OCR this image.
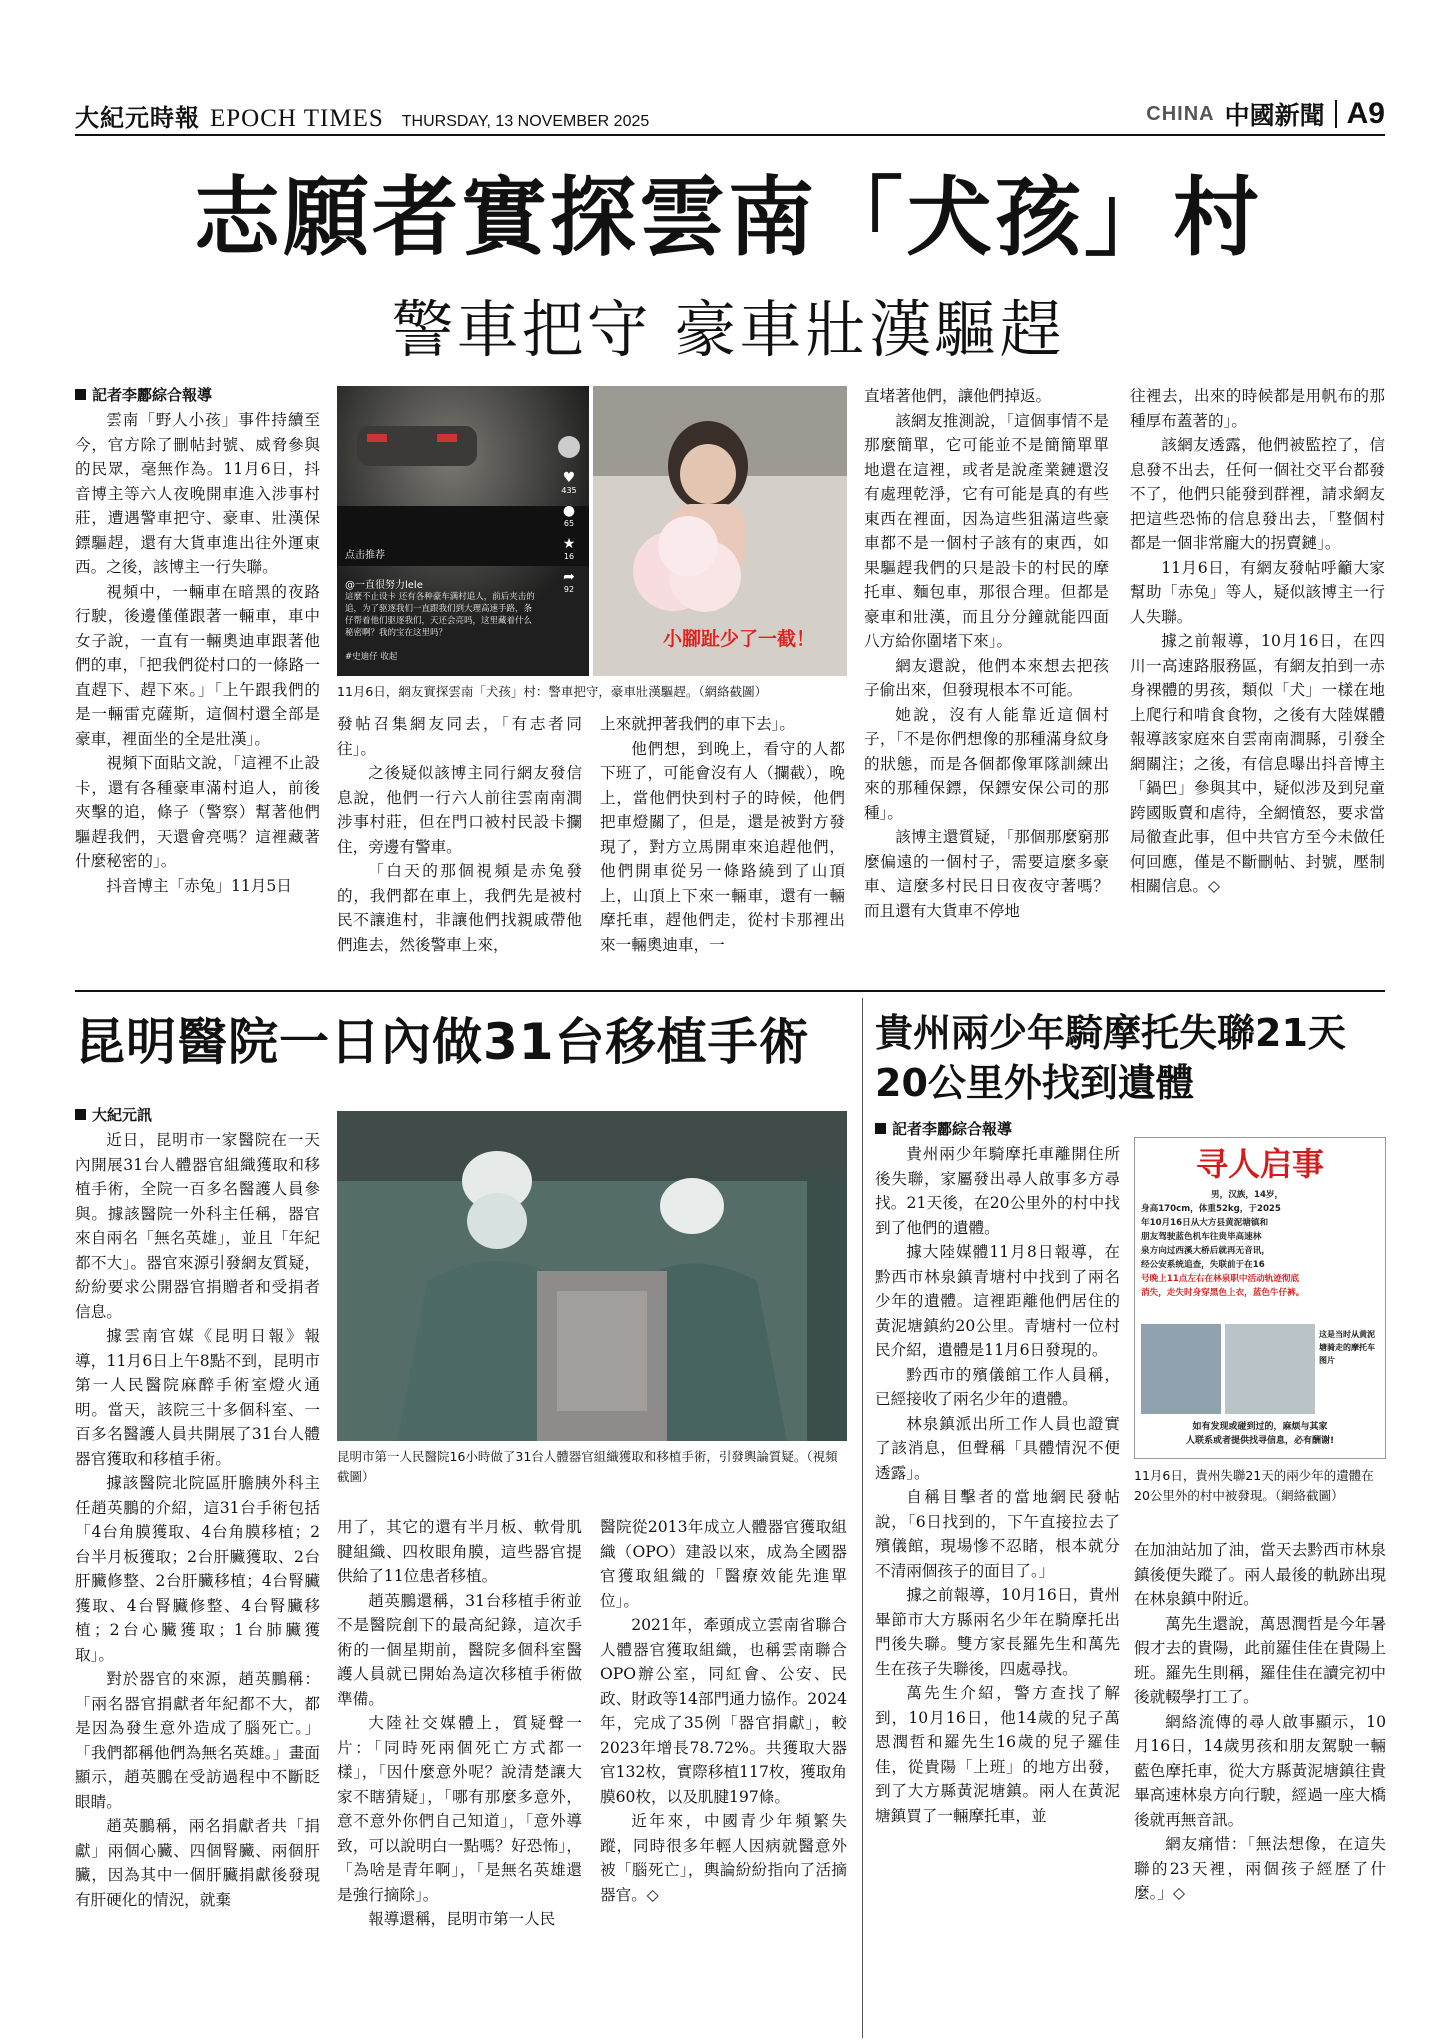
大紀元時報 EPOCH TIMES THURSDAY, 13 NOVEMBER 2025	CHINA 中國新聞 A9
志願者實探雲南「犬孩」村
警車把守 豪車壯漢驅趕
記者李酈綜合報導

雲南「野人小孩」事件持續至今，官方除了刪帖封號、威脅參與的民眾，毫無作為。11月6日，抖音博主等六人夜晚開車進入涉事村莊，遭遇警車把守、豪車、壯漢保鏢驅趕，還有大貨車進出往外運東西。之後，該博主一行失聯。

視頻中，一輛車在暗黑的夜路行駛，後邊僅僅跟著一輛車，車中女子說，一直有一輛奧迪車跟著他們的車，「把我們從村口的一條路一直趕下、趕下來。」「上午跟我們的是一輛雷克薩斯，這個村還全部是豪車，裡面坐的全是壯漢」。

視頻下面貼文說，「這裡不止設卡，還有各種豪車滿村追人，前後夾擊的追，條子（警察）幫著他們驅趕我們，天還會亮嗎？這裡藏著什麼秘密的」。

抖音博主「赤兔」11月5日

点击推荐
@一直很努力lele
這麼不止设卡 还有各种豪车满村追人，前后夹击的追，为了驱逐我们一直跟我们到大理高速手路，条仔帮着他们驱逐我们，天还会亮吗，这里藏着什么秘密啊？我的宝在这里吗？
#史迪仔 收起
♥
435
●
65
★
16
➦
92
小腳趾少了一截！
11月6日，網友實探雲南「犬孩」村：警車把守，豪車壯漢驅趕。（網絡截圖）

發帖召集網友同去，「有志者同往」。

之後疑似該博主同行網友發信息說，他們一行六人前往雲南南澗涉事村莊，但在門口被村民設卡攔住，旁邊有警車。

「白天的那個視頻是赤兔發的，我們都在車上，我們先是被村民不讓進村，非讓他們找親戚帶他們進去，然後警車上來，

上來就押著我們的車下去」。

他們想，到晚上，看守的人都下班了，可能會沒有人（攔截），晚上，當他們快到村子的時候，他們把車燈關了，但是，還是被對方發現了，對方立馬開車來追趕他們，他們開車從另一條路繞到了山頂上，山頂上下來一輛車，還有一輛摩托車，趕他們走，從村卡那裡出來一輛奧迪車，一

直堵著他們，讓他們掉返。

該網友推測說，「這個事情不是那麼簡單，它可能並不是簡簡單單地還在這裡，或者是說產業鏈還沒有處理乾淨，它有可能是真的有些東西在裡面，因為這些狙滿這些豪車都不是一個村子該有的東西，如果驅趕我們的只是設卡的村民的摩托車、麵包車，那很合理。但都是豪車和壯漢，而且分分鐘就能四面八方給你圍堵下來」。

網友還說，他們本來想去把孩子偷出來，但發現根本不可能。

她說，沒有人能靠近這個村子，「不是你們想像的那種滿身紋身的狀態，而是各個都像軍隊訓練出來的那種保鏢，保鏢安保公司的那種」。

該博主還質疑，「那個那麼窮那麼偏遠的一個村子，需要這麼多豪車、這麼多村民日日夜夜守著嗎？而且還有大貨車不停地

往裡去，出來的時候都是用帆布的那種厚布蓋著的」。

該網友透露，他們被監控了，信息發不出去，任何一個社交平台都發不了，他們只能發到群裡，請求網友把這些恐怖的信息發出去，「整個村都是一個非常龐大的拐賣鏈」。

11月6日，有網友發帖呼籲大家幫助「赤兔」等人，疑似該博主一行人失聯。

據之前報導，10月16日，在四川一高速路服務區，有網友拍到一赤身裸體的男孩，類似「犬」一樣在地上爬行和啃食食物，之後有大陸媒體報導該家庭來自雲南南澗縣，引發全網關注；之後，有信息曝出抖音博主「鍋巴」參與其中，疑似涉及到兒童跨國販賣和虐待，全網憤怒，要求當局徹查此事，但中共官方至今未做任何回應，僅是不斷刪帖、封號，壓制相關信息。◇

昆明醫院一日內做31台移植手術
大紀元訊

近日，昆明市一家醫院在一天內開展31台人體器官組織獲取和移植手術，全院一百多名醫護人員參與。據該醫院一外科主任稱，器官來自兩名「無名英雄」，並且「年紀都不大」。器官來源引發網友質疑，紛紛要求公開器官捐贈者和受捐者信息。

據雲南官媒《昆明日報》報導，11月6日上午8點不到，昆明市第一人民醫院麻醉手術室燈火通明。當天，該院三十多個科室、一百多名醫護人員共開展了31台人體器官獲取和移植手術。

據該醫院北院區肝膽胰外科主任趙英鵬的介紹，這31台手術包括「4台角膜獲取、4台角膜移植；2台半月板獲取；2台肝臟獲取、2台肝臟修整、2台肝臟移植；4台腎臟獲取、4台腎臟修整、4台腎臟移植；2台心臟獲取；1台肺臟獲取」。

對於器官的來源，趙英鵬稱：「兩名器官捐獻者年紀都不大，都是因為發生意外造成了腦死亡。」「我們都稱他們為無名英雄。」畫面顯示，趙英鵬在受訪過程中不斷眨眼睛。

趙英鵬稱，兩名捐獻者共「捐獻」兩個心臟、四個腎臟、兩個肝臟，因為其中一個肝臟捐獻後發現有肝硬化的情況，就棄

昆明市第一人民醫院16小時做了31台人體器官組織獲取和移植手術，引發輿論質疑。（視頻截圖）

用了，其它的還有半月板、軟骨肌腱組織、四枚眼角膜，這些器官提供給了11位患者移植。

趙英鵬還稱，31台移植手術並不是醫院創下的最高紀錄，這次手術的一個星期前，醫院多個科室醫護人員就已開始為這次移植手術做準備。

大陸社交媒體上，質疑聲一片：「同時死兩個死亡方式都一樣」，「因什麼意外呢？說清楚讓大家不瞎猜疑」，「哪有那麼多意外，意不意外你們自己知道」，「意外導致，可以說明白一點嗎？好恐怖」，「為啥是青年啊」，「是無名英雄還是強行摘除」。

報導還稱，昆明市第一人民

醫院從2013年成立人體器官獲取組織（OPO）建設以來，成為全國器官獲取組織的「醫療效能先進單位」。

2021年，牽頭成立雲南省聯合人體器官獲取組織，也稱雲南聯合OPO辦公室，同紅會、公安、民政、財政等14部門通力協作。2024年，完成了35例「器官捐獻」，較2023年增長78.72%。共獲取大器官132枚，實際移植117枚，獲取角膜60枚，以及肌腱197條。

近年來，中國青少年頻繁失蹤，同時很多年輕人因病就醫意外被「腦死亡」，輿論紛紛指向了活摘器官。◇

貴州兩少年騎摩托失聯21天
20公里外找到遺體
記者李酈綜合報導

貴州兩少年騎摩托車離開住所後失聯，家屬發出尋人啟事多方尋找。21天後，在20公里外的村中找到了他們的遺體。

據大陸媒體11月8日報導，在黔西市林泉鎮青塘村中找到了兩名少年的遺體。這裡距離他們居住的黃泥塘鎮約20公里。青塘村一位村民介紹，遺體是11月6日發現的。

黔西市的殯儀館工作人員稱，已經接收了兩名少年的遺體。

林泉鎮派出所工作人員也證實了該消息，但聲稱「具體情況不便透露」。

自稱目擊者的當地網民發帖說，「6日找到的，下午直接拉去了殯儀館，現場慘不忍睹，根本就分不清兩個孩子的面目了。」

據之前報導，10月16日，貴州畢節市大方縣兩名少年在騎摩托出門後失聯。雙方家長羅先生和萬先生在孩子失聯後，四處尋找。

萬先生介紹，警方查找了解到，10月16日，他14歲的兒子萬恩潤哲和羅先生16歲的兒子羅佳佳，從貴陽「上班」的地方出發，到了大方縣黃泥塘鎮。兩人在黃泥塘鎮買了一輛摩托車，並

寻人启事
男，汉族，14岁，
身高170cm，体重52kg，于2025
年10月16日从大方县黄泥塘镇和
朋友驾驶蓝色机车往贵毕高速林
泉方向过西溪大桥后就再无音讯，
经公安系统追查，失联前于在16
号晚上11点左右在林泉职中活动轨迹彻底
消失，走失时身穿黑色上衣，蓝色牛仔裤。
这是当时从黄泥塘骑走的摩托车图片
如有发现或碰到过的，麻烦与其家
人联系或者提供找寻信息，必有酬谢!
11月6日，貴州失聯21天的兩少年的遺體在20公里外的村中被發現。（網絡截圖）

在加油站加了油，當天去黔西市林泉鎮後便失蹤了。兩人最後的軌跡出現在林泉鎮中附近。

萬先生還說，萬恩潤哲是今年暑假才去的貴陽，此前羅佳佳在貴陽上班。羅先生則稱，羅佳佳在讀完初中後就輟學打工了。

網絡流傳的尋人啟事顯示，10月16日，14歲男孩和朋友駕駛一輛藍色摩托車，從大方縣黃泥塘鎮往貴畢高速林泉方向行駛，經過一座大橋後就再無音訊。

網友痛惜：「無法想像，在這失聯的23天裡，兩個孩子經歷了什麼。」◇
